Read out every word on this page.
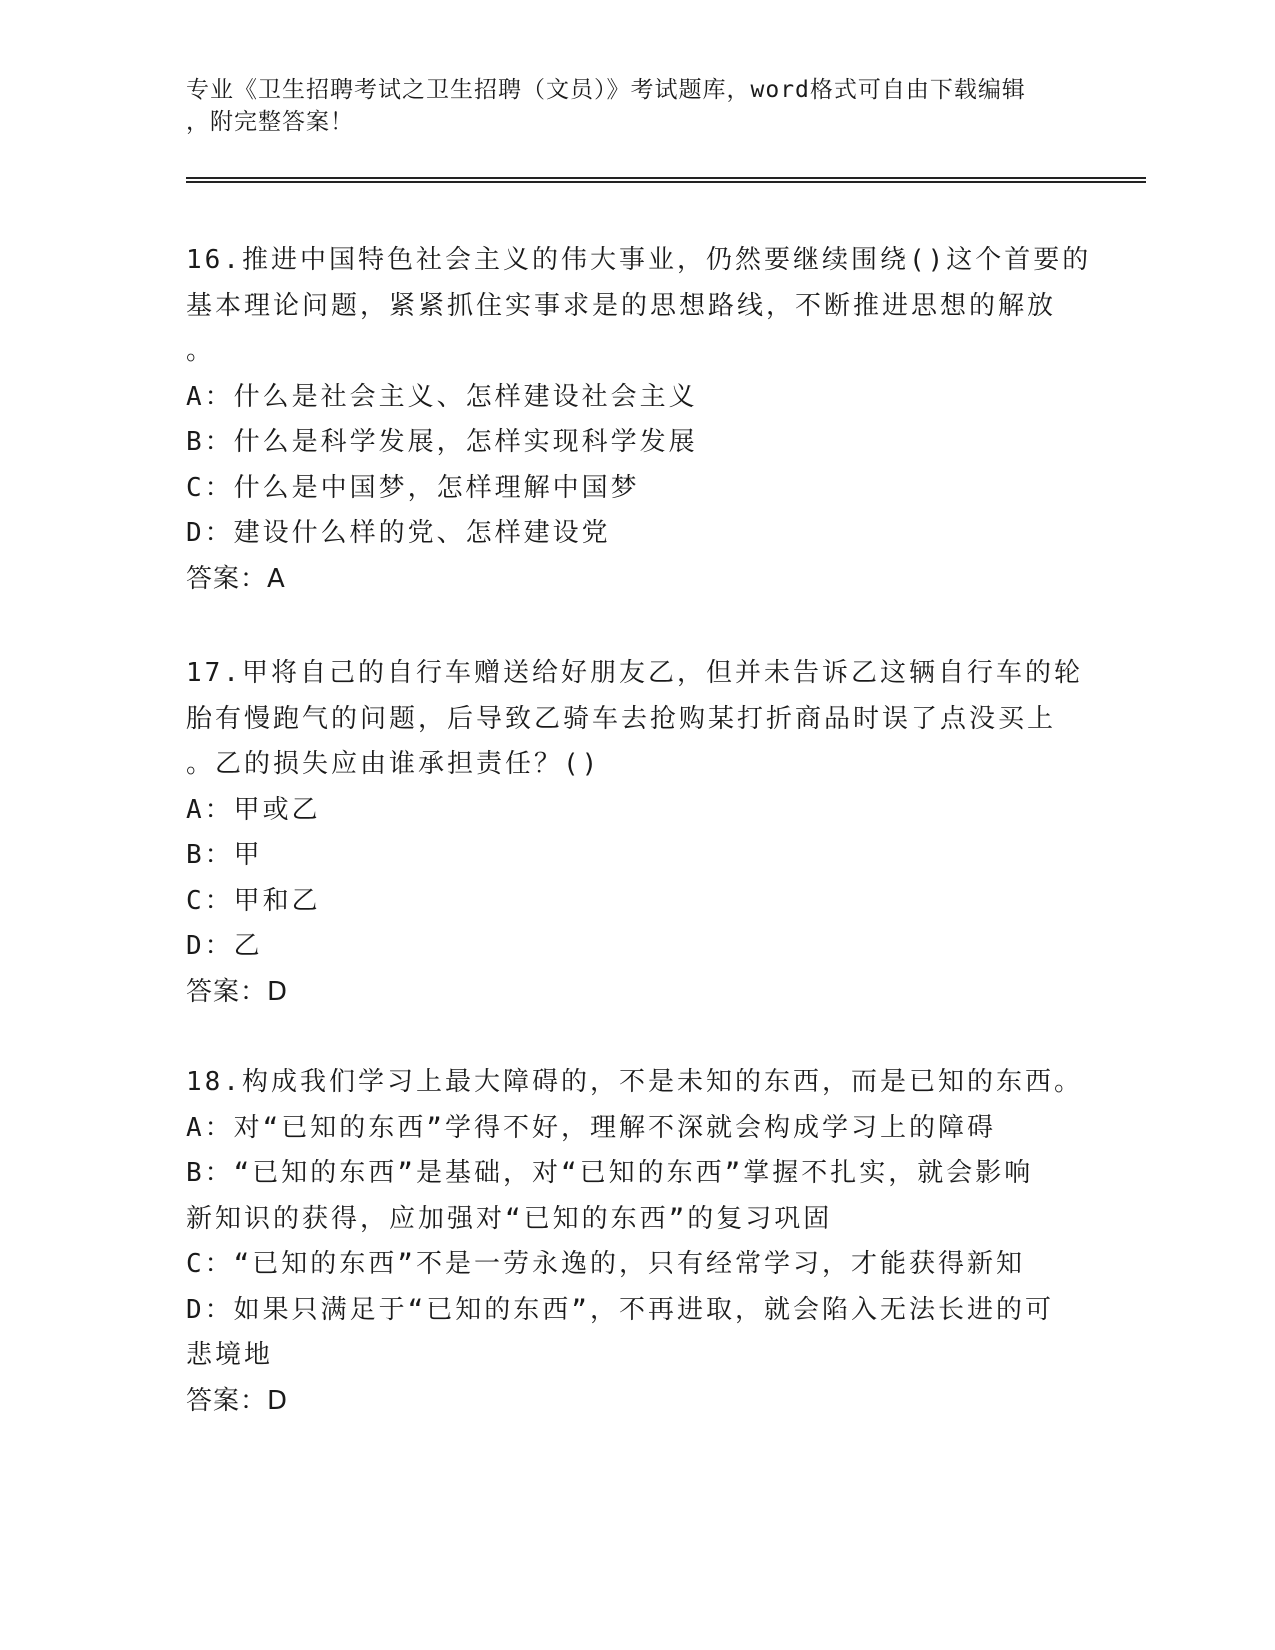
专业《卫生招聘考试之卫生招聘（文员）》考试题库，word格式可自由下载编辑
，附完整答案！
16.推进中国特色社会主义的伟大事业，仍然要继续围绕()这个首要的
基本理论问题，紧紧抓住实事求是的思想路线，不断推进思想的解放
。
A：什么是社会主义、怎样建设社会主义
B：什么是科学发展，怎样实现科学发展
C：什么是中国梦，怎样理解中国梦
D：建设什么样的党、怎样建设党
答案：A
17.甲将自己的自行车赠送给好朋友乙，但并未告诉乙这辆自行车的轮
胎有慢跑气的问题，后导致乙骑车去抢购某打折商品时误了点没买上
。乙的损失应由谁承担责任？()
A：甲或乙
B：甲
C：甲和乙
D：乙
答案：D
18.构成我们学习上最大障碍的，不是未知的东西，而是已知的东西。
A：对“已知的东西”学得不好，理解不深就会构成学习上的障碍
B：“已知的东西”是基础，对“已知的东西”掌握不扎实，就会影响
新知识的获得，应加强对“已知的东西”的复习巩固
C：“已知的东西”不是一劳永逸的，只有经常学习，才能获得新知
D：如果只满足于“已知的东西”，不再进取，就会陷入无法长进的可
悲境地
答案：D
